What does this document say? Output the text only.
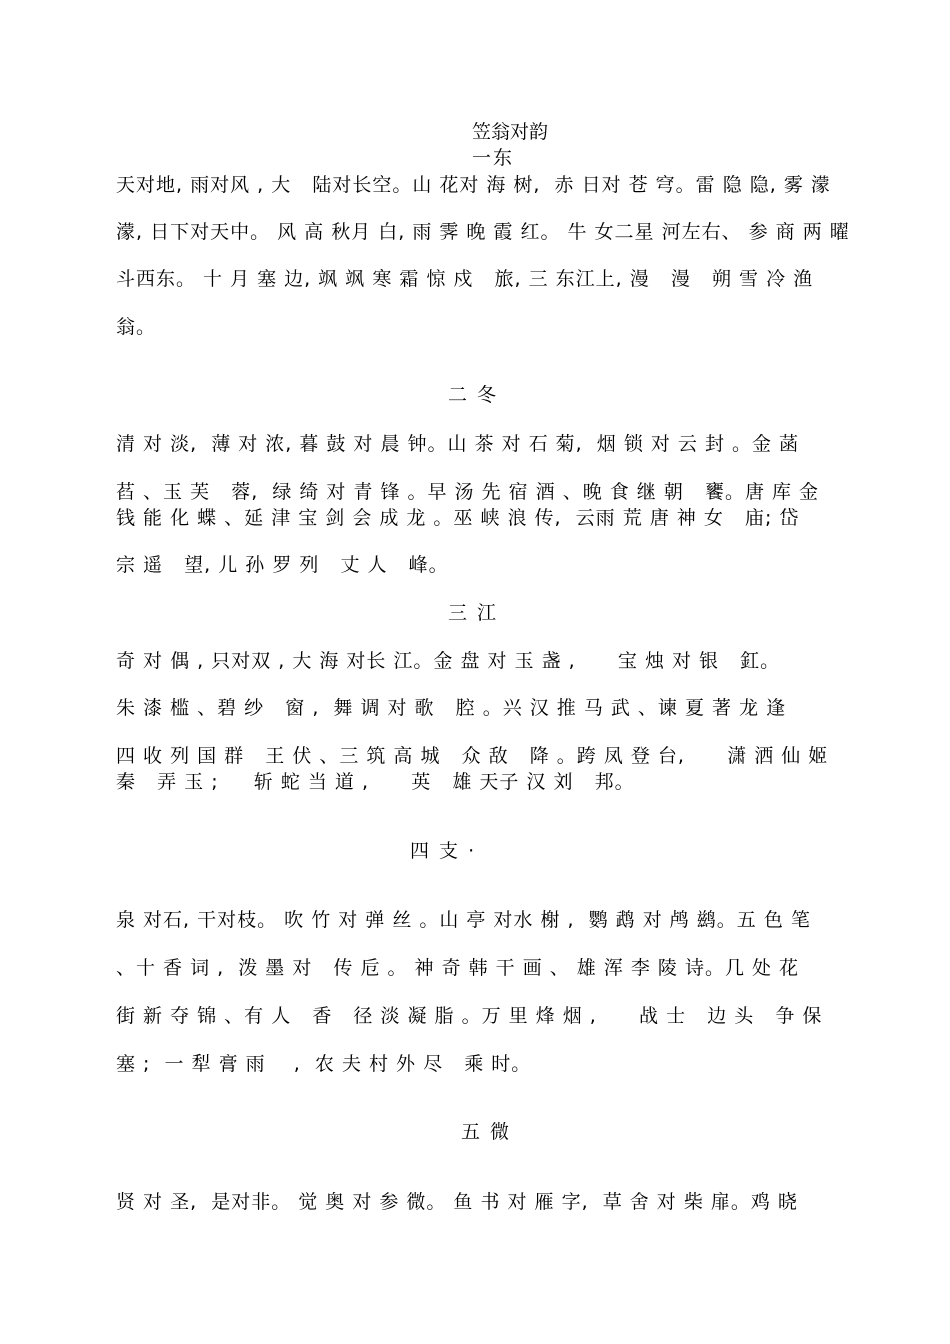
笠翁对韵
一东
天对地, 雨对风 , 大   陆对长空。山 花对 海 树,  赤 日对 苍 穹。雷 隐 隐, 雾 濛
濛, 日下对天中。 风 高 秋月 白, 雨 霁 晚 霞 红。 牛 女二星 河左右、 参 商 两 曜
斗西东。 十 月 塞 边, 飒 飒 寒 霜 惊 戍   旅, 三 东江上, 漫   漫   朔 雪 冷 渔
翁。
二 冬
清 对 淡,  薄 对 浓, 暮 鼓 对 晨 钟。山 茶 对 石 菊,  烟 锁 对 云 封 。金 菡
萏 、玉 芙   蓉,  绿 绮 对 青 锋 。早 汤 先 宿 酒 、晚 食 继 朝   饔。唐 库 金
钱 能 化 蝶 、延 津 宝 剑 会 成 龙 。巫 峡 浪 传,  云雨 荒 唐 神 女   庙; 岱
宗 遥   望, 儿 孙 罗 列   丈 人   峰。
三 江
奇 对 偶 , 只对双 , 大 海 对长 江。金 盘 对 玉 盏 ,      宝 烛 对 银   釭。
朱 漆 槛 、碧 纱   窗 ,  舞 调 对 歌   腔 。兴 汉 推 马 武 、谏 夏 著 龙 逢
四 收 列 国 群   王 伏 、三 筑 高 城   众 敌   降 。跨 凤 登 台,      潇 洒 仙 姬
秦   弄 玉 ;     斩 蛇 当 道 ,      英   雄 天子 汉 刘   邦。
四 支 ·
泉 对石, 干对枝。 吹 竹 对 弹 丝 。山 亭 对水 榭 ,  鹦 鹉 对 鸬 鹚。五 色 笔
、十 香 词 ,  泼 墨 对   传 卮 。 神 奇 韩 干 画 、 雄 浑 李 陵 诗。几 处 花
街 新 夺 锦 、有 人   香   径 淡 凝 脂 。万 里 烽 烟 ,      战 士   边 头   争 保
塞 ;  一 犁 膏 雨    ,  农 夫 村 外 尽   乘 时。
五 微
贤 对 圣,  是对非。 觉 奥 对 参 微。 鱼 书 对 雁 字,  草 舍 对 柴 扉。鸡 晓
